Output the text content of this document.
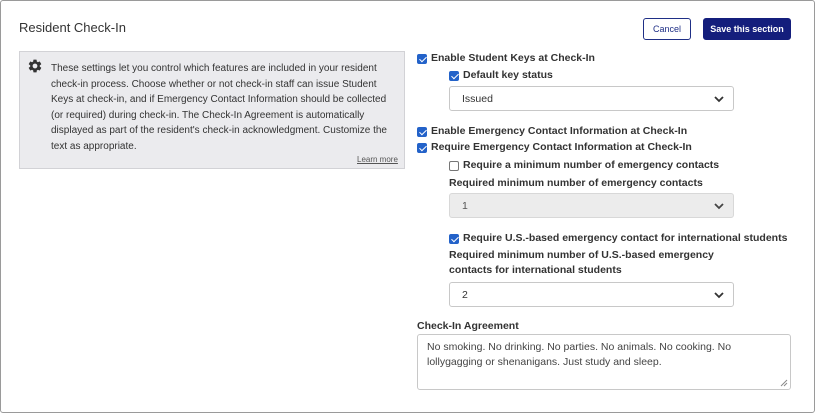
Resident Check-In	Cancel	Save this section
These settings let you control which features are included in your resident check-in process. Choose whether or not check-in staff can issue Student Keys at check-in, and if Emergency Contact Information should be collected (or required) during check-in. The Check-In Agreement is automatically displayed as part of the resident's check-in acknowledgment. Customize the text as appropriate.
Learn more
Enable Student Keys at Check-In
Default key status
Issued
Enable Emergency Contact Information at Check-In
Require Emergency Contact Information at Check-In
Require a minimum number of emergency contacts
Required minimum number of emergency contacts
1
Require U.S.-based emergency contact for international students
Required minimum number of U.S.-based emergency
contacts for international students
2
Check-In Agreement
No smoking. No drinking. No parties. No animals. No cooking. No
lollygagging or shenanigans. Just study and sleep.
